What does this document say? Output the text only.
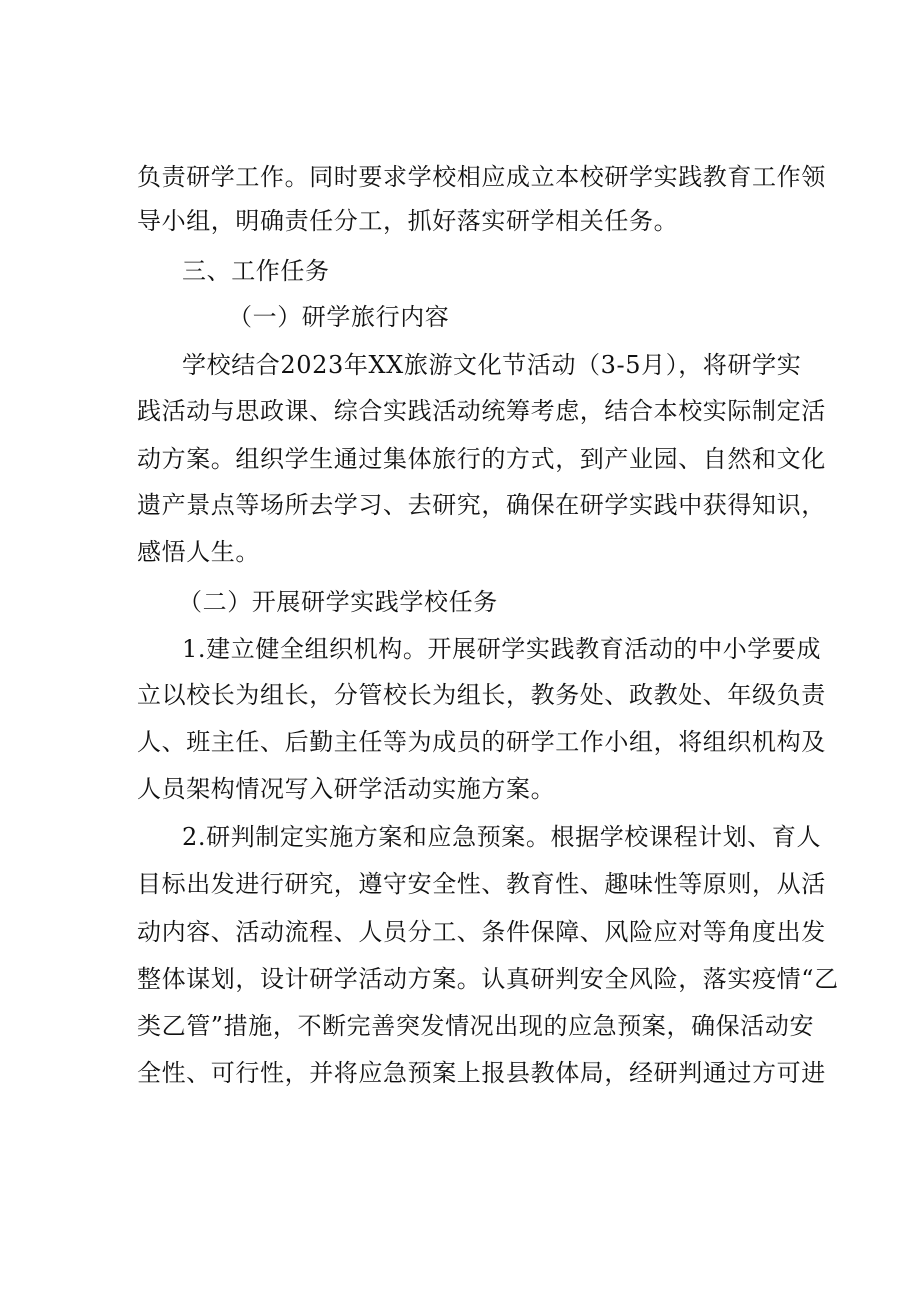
负责研学工作。同时要求学校相应成立本校研学实践教育工作领
导小组，明确责任分工，抓好落实研学相关任务。
三、工作任务
（一）研学旅行内容
学校结合2023年XX旅游文化节活动（3-5月），将研学实
践活动与思政课、综合实践活动统筹考虑，结合本校实际制定活
动方案。组织学生通过集体旅行的方式，到产业园、自然和文化
遗产景点等场所去学习、去研究，确保在研学实践中获得知识，
感悟人生。
（二）开展研学实践学校任务
1.建立健全组织机构。开展研学实践教育活动的中小学要成
立以校长为组长，分管校长为组长，教务处、政教处、年级负责
人、班主任、后勤主任等为成员的研学工作小组，将组织机构及
人员架构情况写入研学活动实施方案。
2.研判制定实施方案和应急预案。根据学校课程计划、育人
目标出发进行研究，遵守安全性、教育性、趣味性等原则，从活
动内容、活动流程、人员分工、条件保障、风险应对等角度出发
整体谋划，设计研学活动方案。认真研判安全风险，落实疫情“乙
类乙管”措施，不断完善突发情况出现的应急预案，确保活动安
全性、可行性，并将应急预案上报县教体局，经研判通过方可进
